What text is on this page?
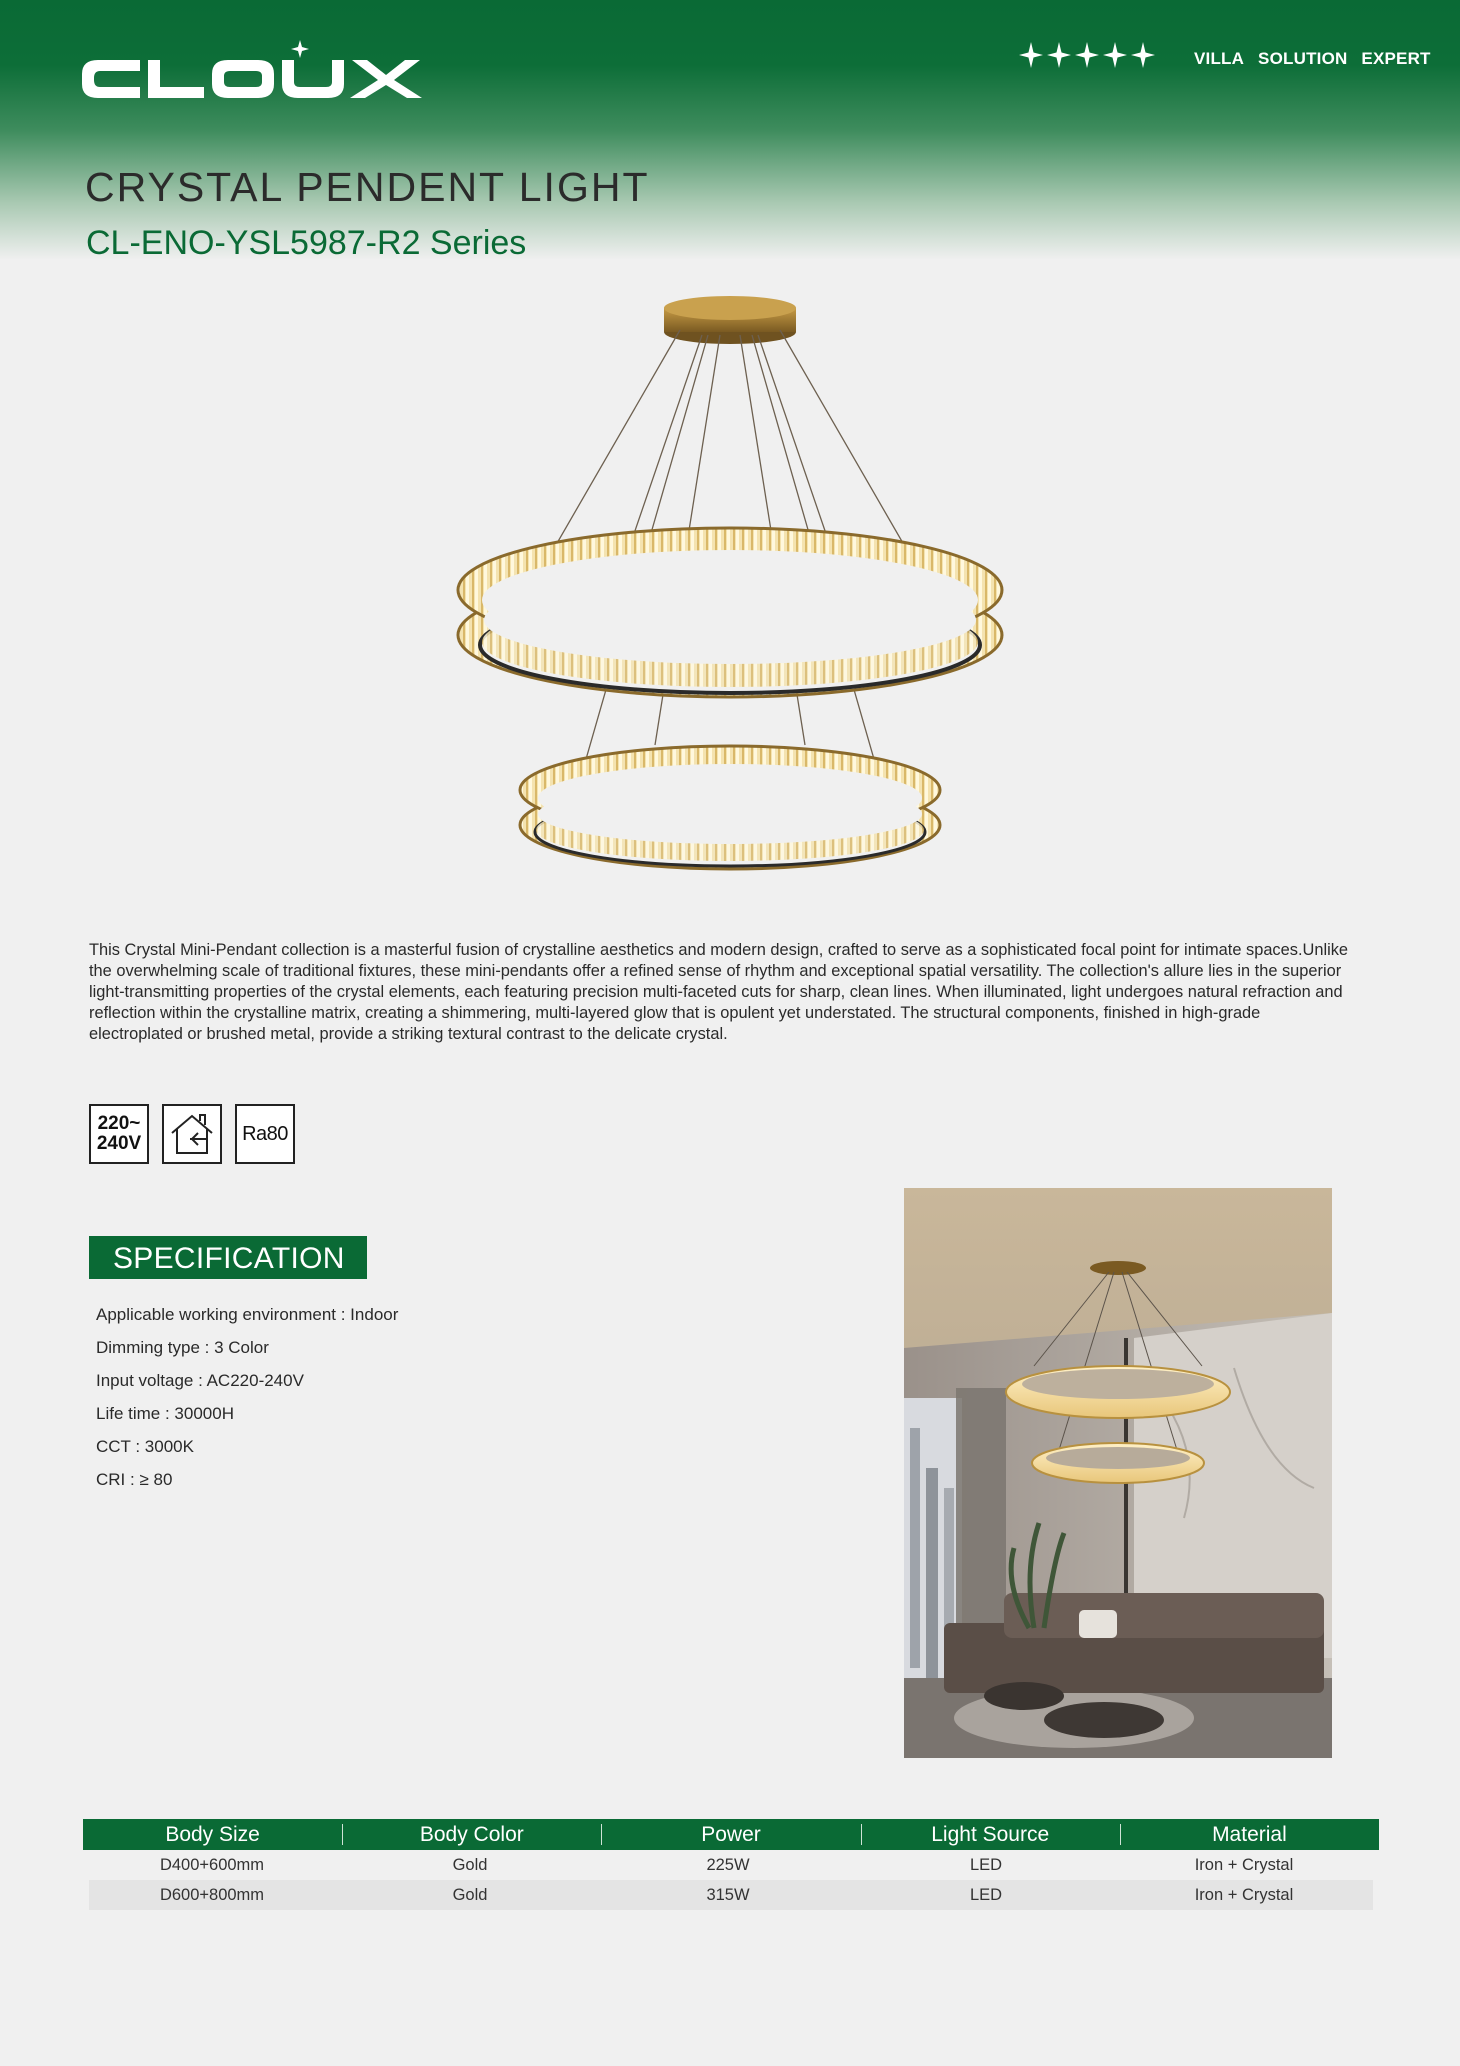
VILLA SOLUTION EXPERT
CRYSTAL PENDENT LIGHT
CL-ENO-YSL5987-R2 Series

This Crystal Mini-Pendant collection is a masterful fusion of crystalline aesthetics and modern design, crafted to serve as a sophisticated focal point for intimate spaces.Unlike the overwhelming scale of traditional fixtures, these mini-pendants offer a refined sense of rhythm and exceptional spatial versatility. The collection's allure lies in the superior light-transmitting properties of the crystal elements, each featuring precision multi-faceted cuts for sharp, clean lines. When illuminated, light undergoes natural refraction and reflection within the crystalline matrix, creating a shimmering, multi-layered glow that is opulent yet understated. The structural components, finished in high-grade electroplated or brushed metal, provide a striking textural contrast to the delicate crystal.

220~
240V	Ra80
SPECIFICATION
Applicable working environment : Indoor
Dimming type : 3 Color
Input voltage : AC220-240V
Life time : 30000H
CCT : 3000K
CRI : ≥ 80
Body Size	Body Color	Power	Light Source	Material
D400+600mm	Gold	225W	LED	Iron + Crystal
D600+800mm	Gold	315W	LED	Iron + Crystal
